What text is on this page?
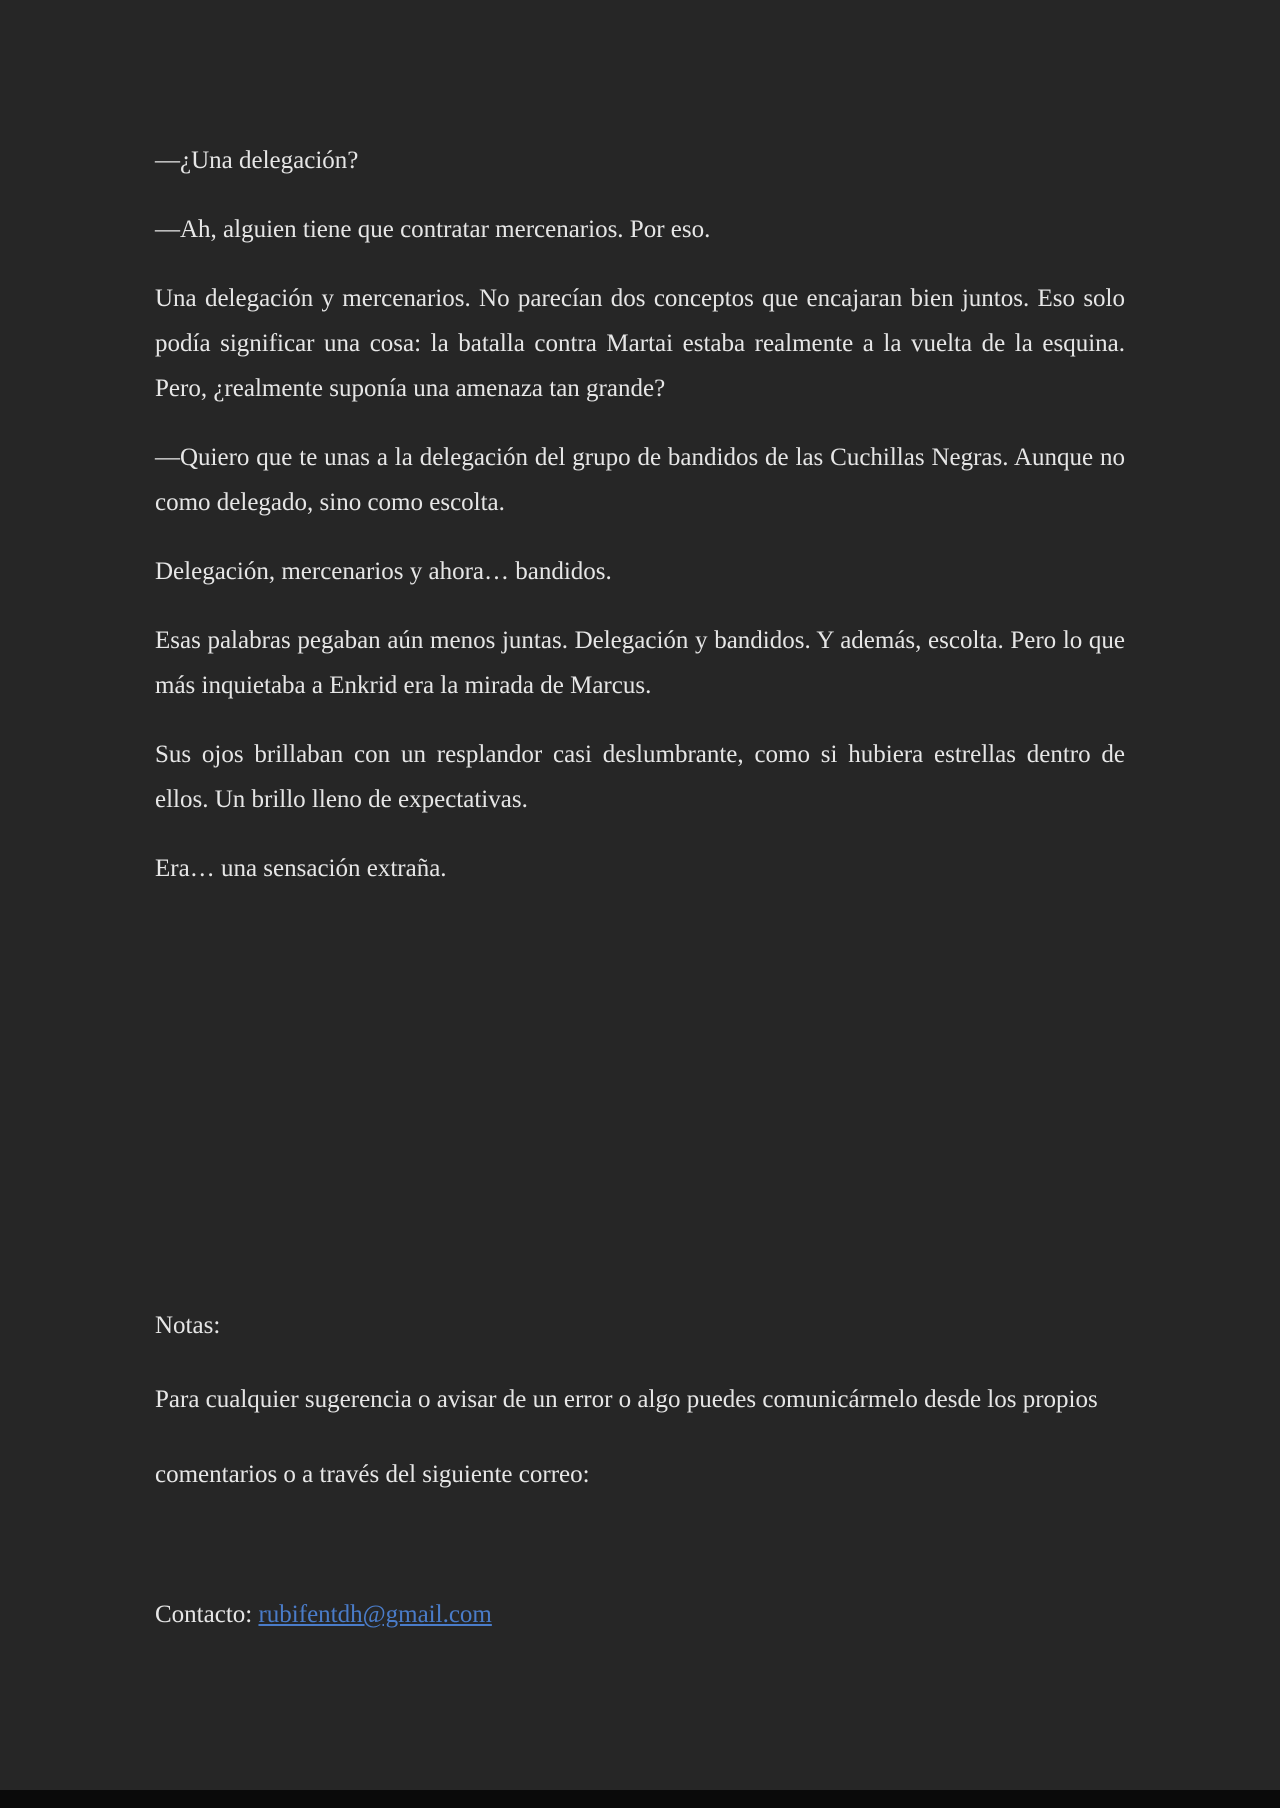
—¿Una delegación?

—Ah, alguien tiene que contratar mercenarios. Por eso.

Una delegación y mercenarios. No parecían dos conceptos que encajaran bien juntos. Eso solo podía significar una cosa: la batalla contra Martai estaba realmente a la vuelta de la esquina. Pero, ¿realmente suponía una amenaza tan grande?

—Quiero que te unas a la delegación del grupo de bandidos de las Cuchillas Negras. Aunque no como delegado, sino como escolta.

Delegación, mercenarios y ahora… bandidos.

Esas palabras pegaban aún menos juntas. Delegación y bandidos. Y además, escolta. Pero lo que más inquietaba a Enkrid era la mirada de Marcus.

Sus ojos brillaban con un resplandor casi deslumbrante, como si hubiera estrellas dentro de ellos. Un brillo lleno de expectativas.

Era… una sensación extraña.

Notas:

Para cualquier sugerencia o avisar de un error o algo puedes comunicármelo desde los propios comentarios o a través del siguiente correo:

Contacto: rubifentdh@gmail.com
